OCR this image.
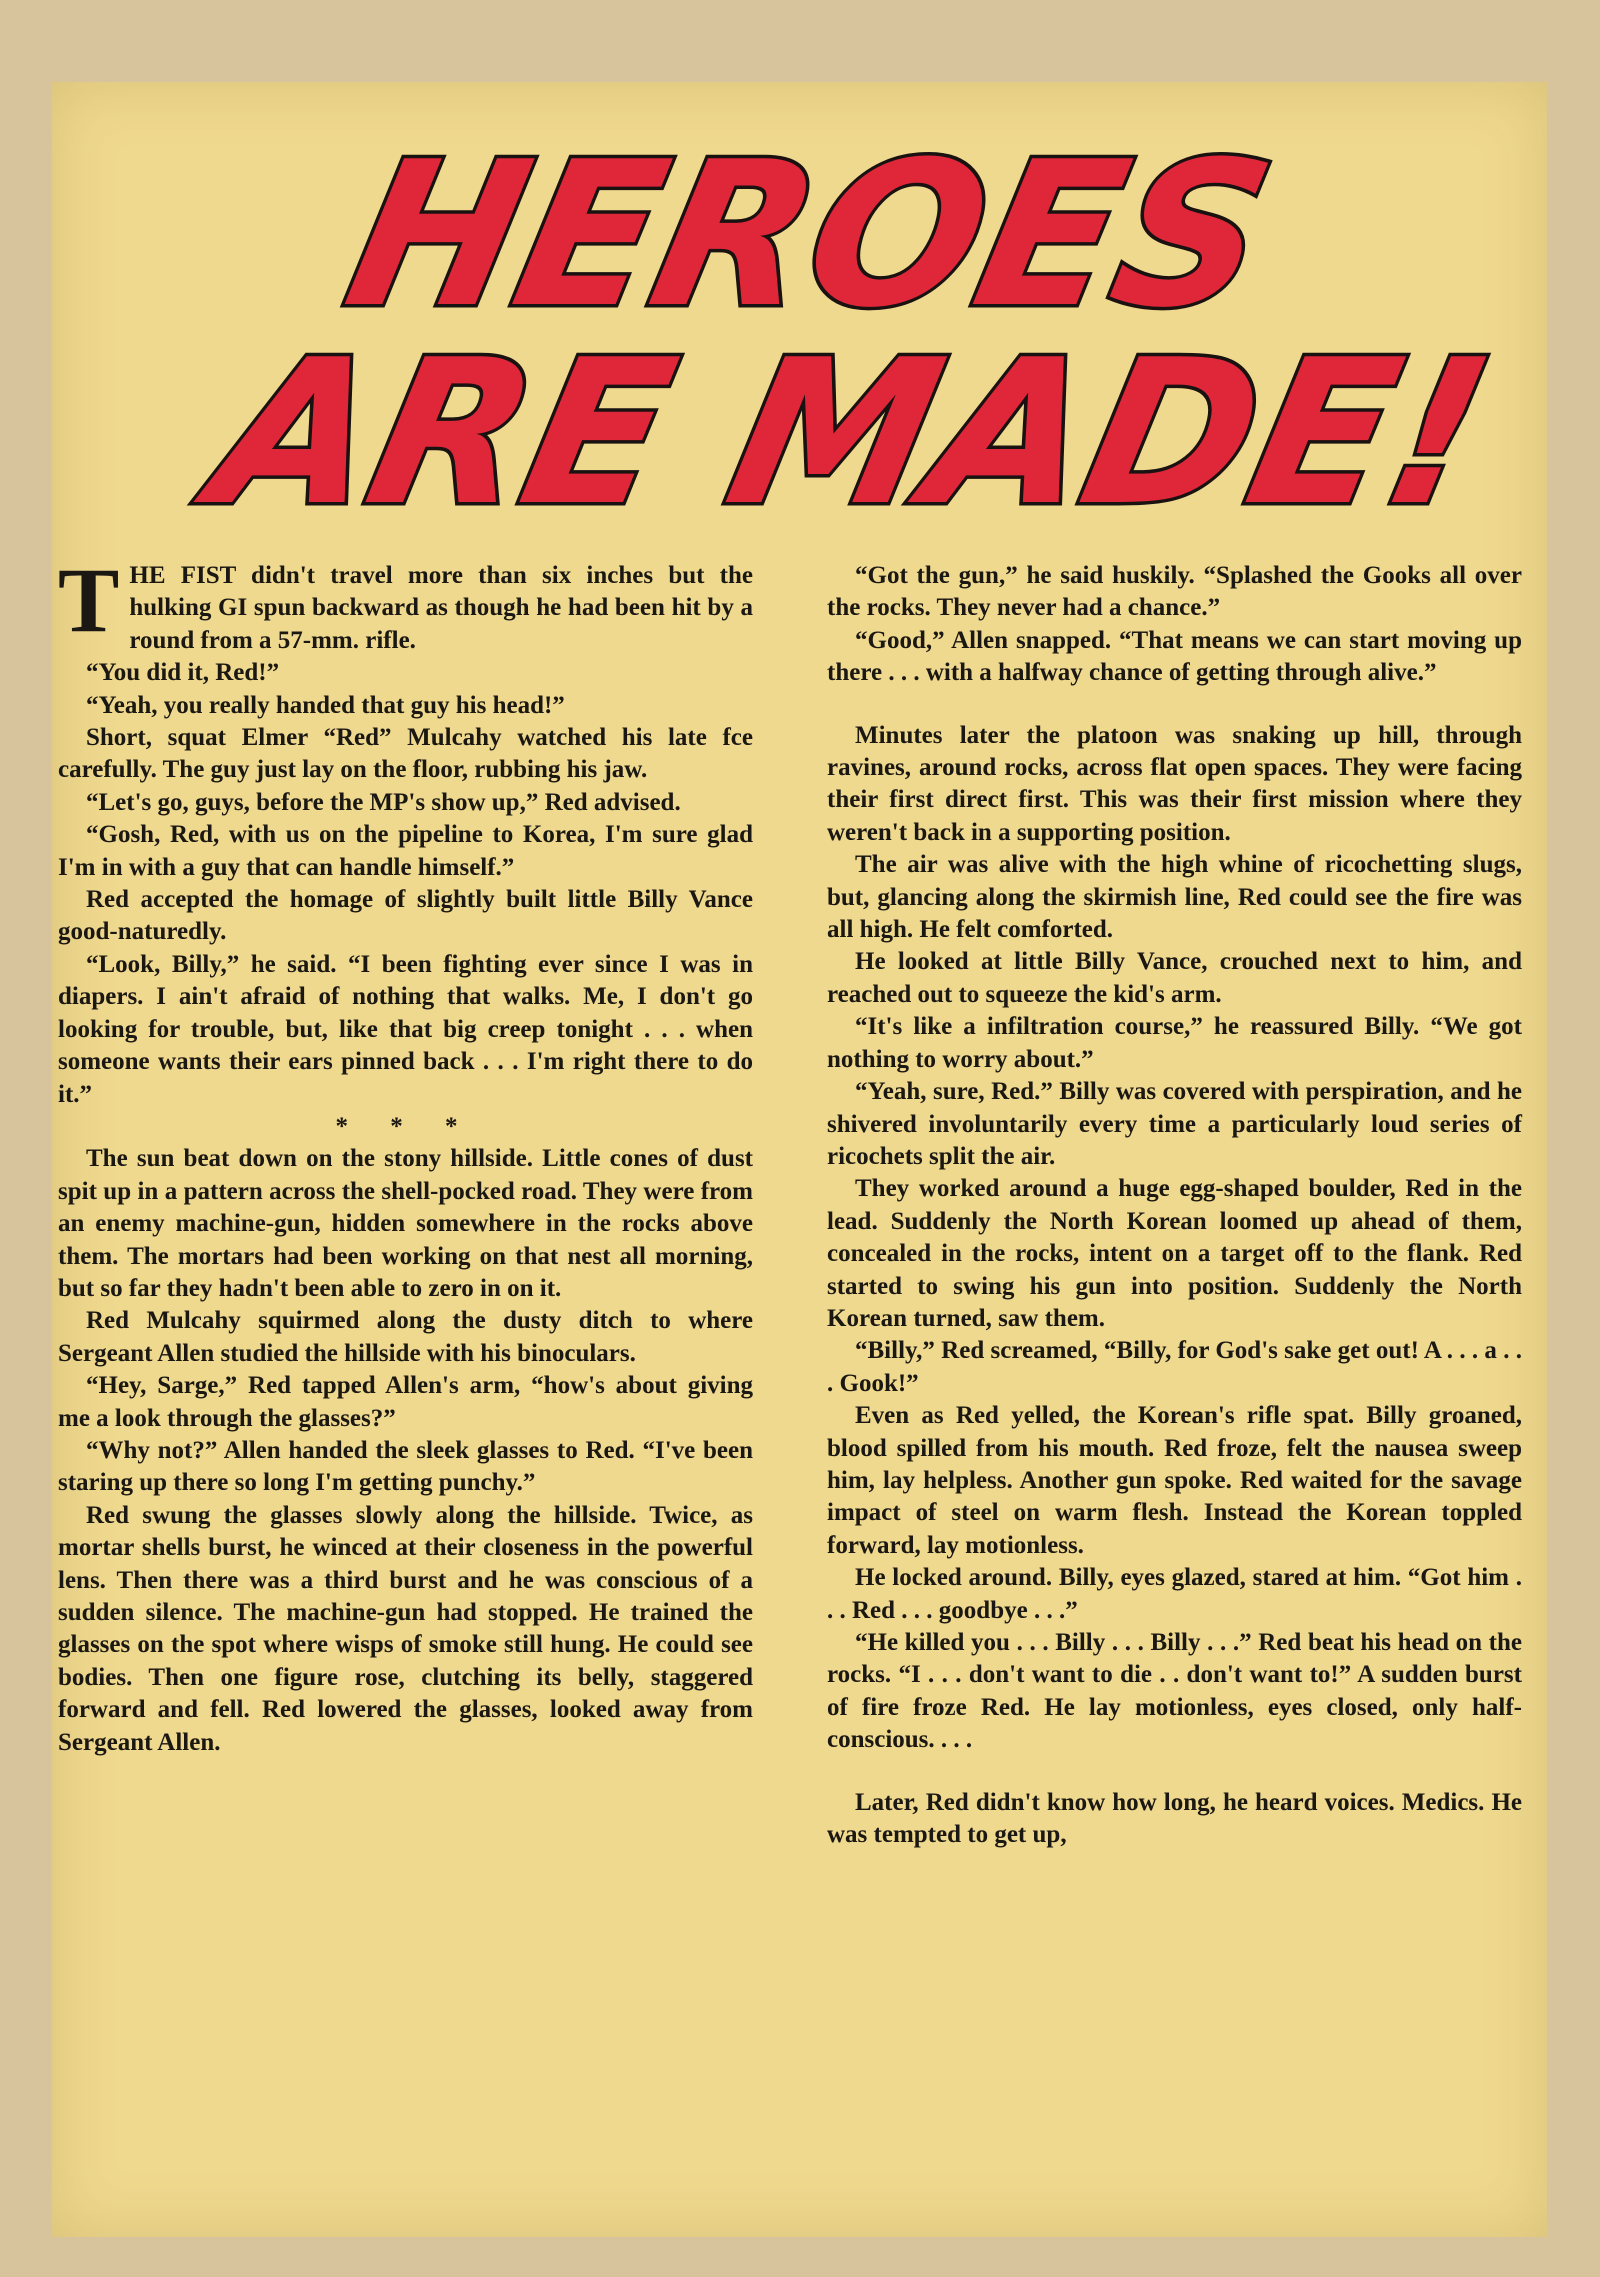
HEROES
ARE MADE!

THE FIST didn't travel more than six inches but the hulking GI spun backward as though he had been hit by a round from a 57-mm. rifle.

“You did it, Red!”

“Yeah, you really handed that guy his head!”

Short, squat Elmer “Red” Mulcahy watched his late fce carefully. The guy just lay on the floor, rubbing his jaw.

“Let's go, guys, before the MP's show up,” Red advised.

“Gosh, Red, with us on the pipeline to Korea, I'm sure glad I'm in with a guy that can handle himself.”

Red accepted the homage of slightly built little Billy Vance good-naturedly.

“Look, Billy,” he said. “I been fighting ever since I was in diapers. I ain't afraid of nothing that walks. Me, I don't go looking for trouble, but, like that big creep tonight . . . when someone wants their ears pinned back . . . I'm right there to do it.”

* * *

The sun beat down on the stony hillside. Little cones of dust spit up in a pattern across the shell-pocked road. They were from an enemy machine-gun, hidden somewhere in the rocks above them. The mortars had been working on that nest all morning, but so far they hadn't been able to zero in on it.

Red Mulcahy squirmed along the dusty ditch to where Sergeant Allen studied the hillside with his binoculars.

“Hey, Sarge,” Red tapped Allen's arm, “how's about giving me a look through the glasses?”

“Why not?” Allen handed the sleek glasses to Red. “I've been staring up there so long I'm getting punchy.”

Red swung the glasses slowly along the hillside. Twice, as mortar shells burst, he winced at their closeness in the powerful lens. Then there was a third burst and he was conscious of a sudden silence. The machine-gun had stopped. He trained the glasses on the spot where wisps of smoke still hung. He could see bodies. Then one figure rose, clutching its belly, staggered forward and fell. Red lowered the glasses, looked away from Sergeant Allen.

“Got the gun,” he said huskily. “Splashed the Gooks all over the rocks. They never had a chance.”

“Good,” Allen snapped. “That means we can start moving up there . . . with a halfway chance of getting through alive.”

Minutes later the platoon was snaking up hill, through ravines, around rocks, across flat open spaces. They were facing their first direct first. This was their first mission where they weren't back in a supporting position.

The air was alive with the high whine of ricochetting slugs, but, glancing along the skirmish line, Red could see the fire was all high. He felt comforted.

He looked at little Billy Vance, crouched next to him, and reached out to squeeze the kid's arm.

“It's like a infiltration course,” he reassured Billy. “We got nothing to worry about.”

“Yeah, sure, Red.” Billy was covered with perspiration, and he shivered involuntarily every time a particularly loud series of ricochets split the air.

They worked around a huge egg-shaped boulder, Red in the lead. Suddenly the North Korean loomed up ahead of them, concealed in the rocks, intent on a target off to the flank. Red started to swing his gun into position. Suddenly the North Korean turned, saw them.

“Billy,” Red screamed, “Billy, for God's sake get out! A . . . a . . . Gook!”

Even as Red yelled, the Korean's rifle spat. Billy groaned, blood spilled from his mouth. Red froze, felt the nausea sweep him, lay helpless. Another gun spoke. Red waited for the savage impact of steel on warm flesh. Instead the Korean toppled forward, lay motionless.

He locked around. Billy, eyes glazed, stared at him. “Got him . . . Red . . . goodbye . . .”

“He killed you . . . Billy . . . Billy . . .” Red beat his head on the rocks. “I . . . don't want to die . . don't want to!” A sudden burst of fire froze Red. He lay motionless, eyes closed, only half-conscious. . . .

Later, Red didn't know how long, he heard voices. Medics. He was tempted to get up,
